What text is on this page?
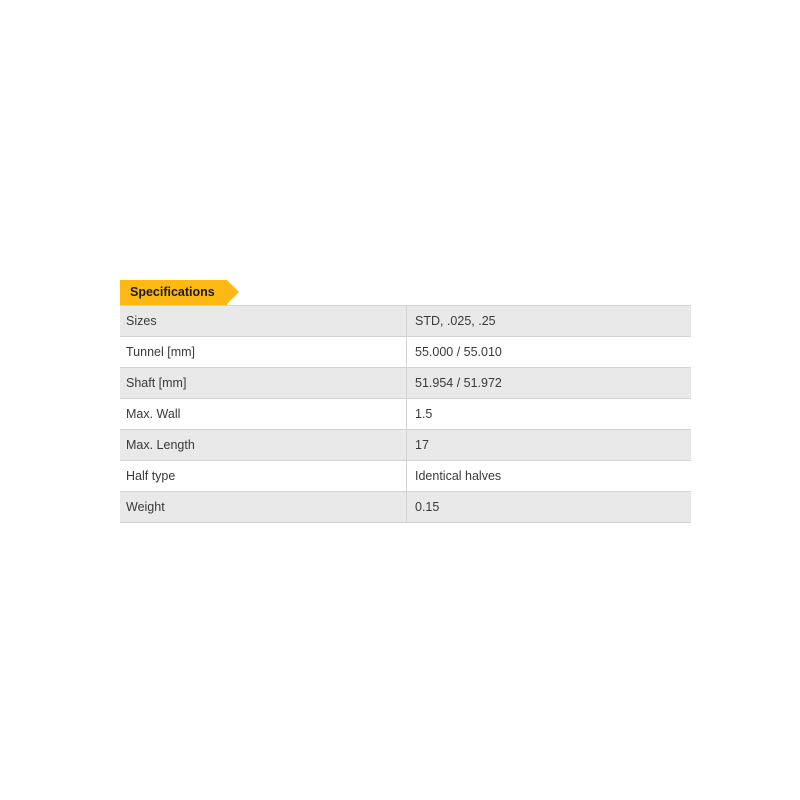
Specifications
Sizes	STD, .025, .25
Tunnel [mm]	55.000 / 55.010
Shaft [mm]	51.954 / 51.972
Max. Wall	1.5
Max. Length	17
Half type	Identical halves
Weight	0.15
